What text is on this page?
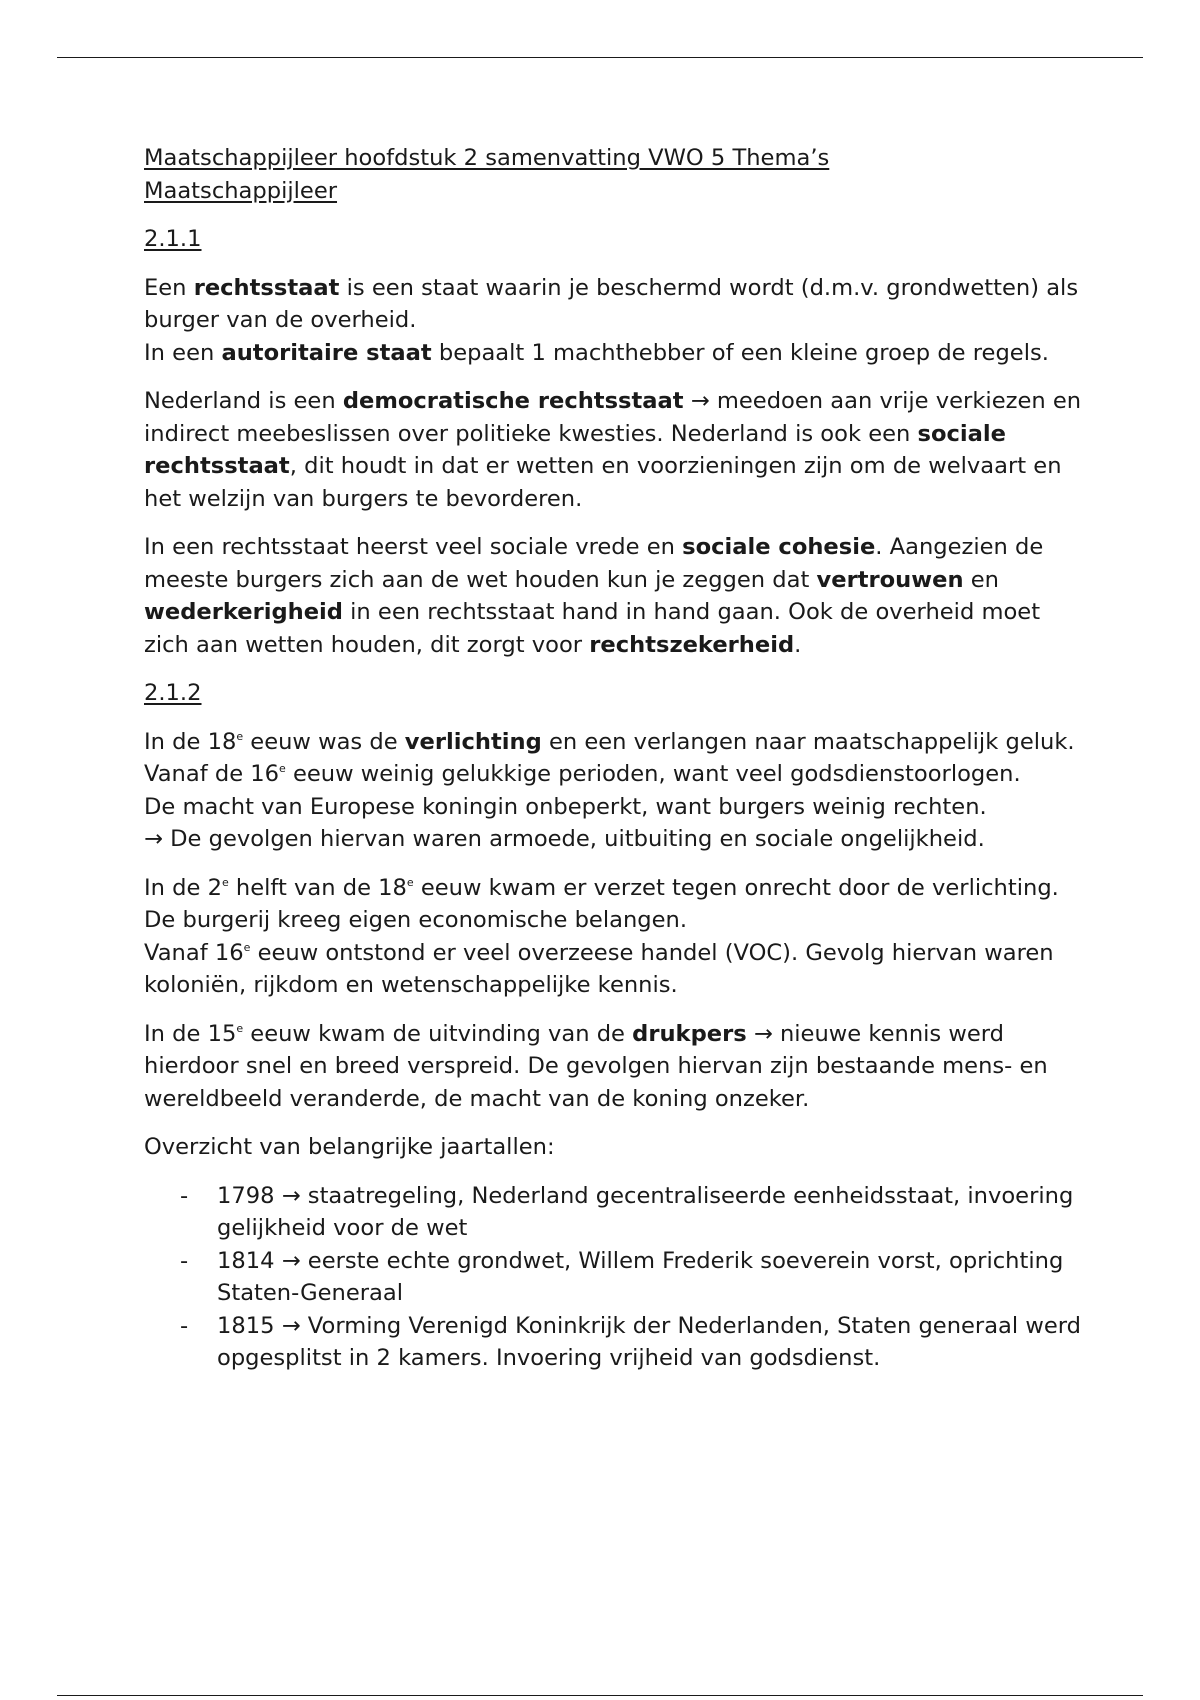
Maatschappijleer hoofdstuk 2 samenvatting VWO 5 Thema’s
Maatschappijleer

2.1.1

Een rechtsstaat is een staat waarin je beschermd wordt (d.m.v. grondwetten) als burger van de overheid.
In een autoritaire staat bepaalt 1 machthebber of een kleine groep de regels.

Nederland is een democratische rechtsstaat → meedoen aan vrije verkiezen en indirect meebeslissen over politieke kwesties. Nederland is ook een sociale rechtsstaat, dit houdt in dat er wetten en voorzieningen zijn om de welvaart en het welzijn van burgers te bevorderen.

In een rechtsstaat heerst veel sociale vrede en sociale cohesie. Aangezien de meeste burgers zich aan de wet houden kun je zeggen dat vertrouwen en wederkerigheid in een rechtsstaat hand in hand gaan. Ook de overheid moet zich aan wetten houden, dit zorgt voor rechtszekerheid.

2.1.2

In de 18e eeuw was de verlichting en een verlangen naar maatschappelijk geluk.
Vanaf de 16e eeuw weinig gelukkige perioden, want veel godsdienstoorlogen.
De macht van Europese koningin onbeperkt, want burgers weinig rechten.
→ De gevolgen hiervan waren armoede, uitbuiting en sociale ongelijkheid.

In de 2e helft van de 18e eeuw kwam er verzet tegen onrecht door de verlichting. De burgerij kreeg eigen economische belangen.
Vanaf 16e eeuw ontstond er veel overzeese handel (VOC). Gevolg hiervan waren koloniën, rijkdom en wetenschappelijke kennis.

In de 15e eeuw kwam de uitvinding van de drukpers → nieuwe kennis werd hierdoor snel en breed verspreid. De gevolgen hiervan zijn bestaande mens- en wereldbeeld veranderde, de macht van de koning onzeker.

Overzicht van belangrijke jaartallen:

- 1798 → staatregeling, Nederland gecentraliseerde eenheidsstaat, invoering gelijkheid voor de wet
- 1814 → eerste echte grondwet, Willem Frederik soeverein vorst, oprichting Staten-Generaal
- 1815 → Vorming Verenigd Koninkrijk der Nederlanden, Staten generaal werd opgesplitst in 2 kamers. Invoering vrijheid van godsdienst.
